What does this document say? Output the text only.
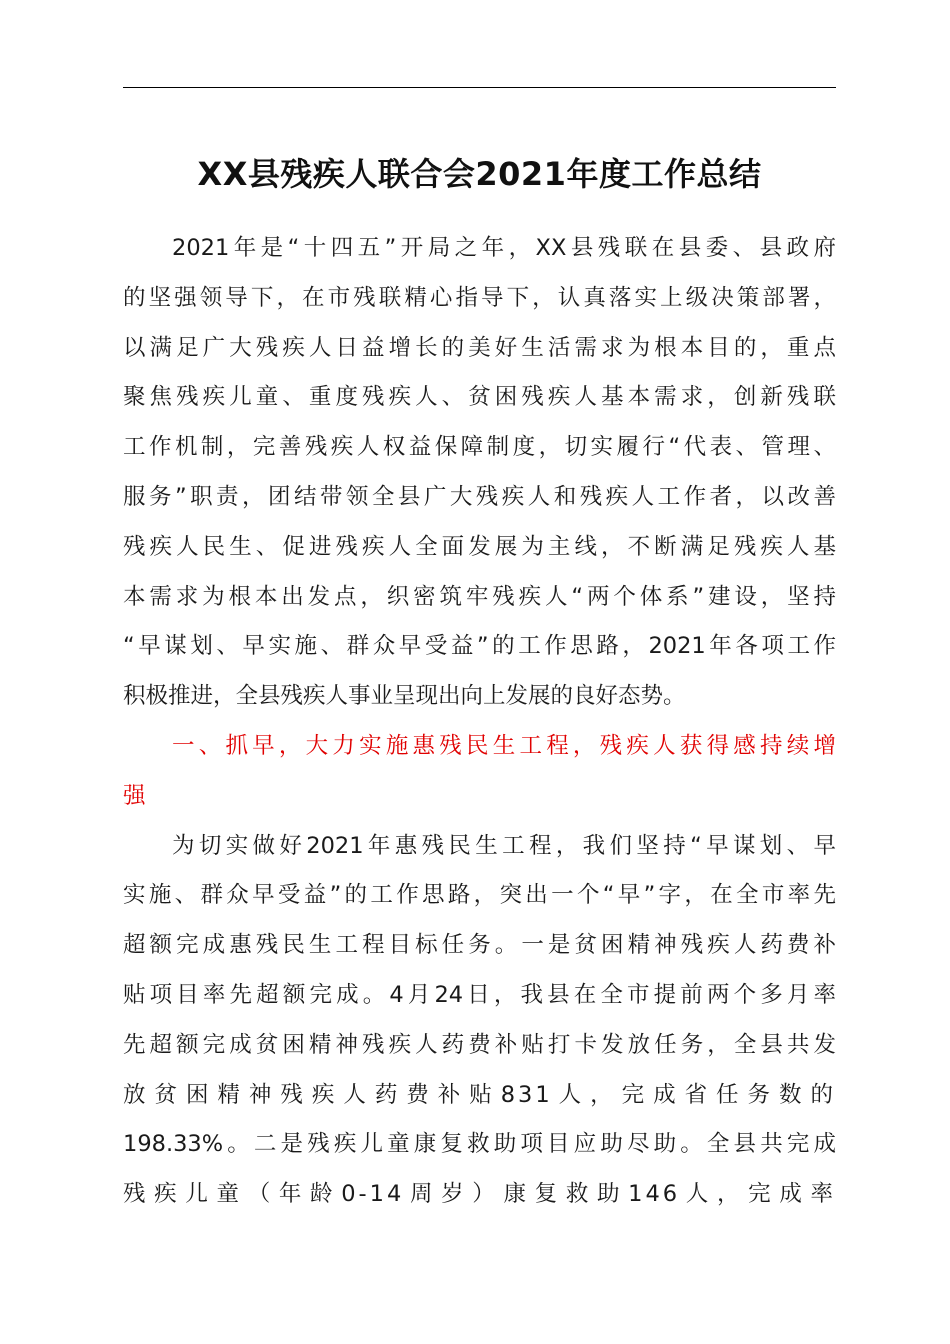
XX县残疾人联合会2021年度工作总结
2021年是“十四五”开局之年，XX县残联在县委、县政府
的坚强领导下，在市残联精心指导下，认真落实上级决策部署，
以满足广大残疾人日益增长的美好生活需求为根本目的，重点
聚焦残疾儿童、重度残疾人、贫困残疾人基本需求，创新残联
工作机制，完善残疾人权益保障制度，切实履行“代表、管理、
服务”职责，团结带领全县广大残疾人和残疾人工作者，以改善
残疾人民生、促进残疾人全面发展为主线，不断满足残疾人基
本需求为根本出发点，织密筑牢残疾人“两个体系”建设，坚持
“早谋划、早实施、群众早受益”的工作思路，2021年各项工作
积极推进，全县残疾人事业呈现出向上发展的良好态势。
一、抓早，大力实施惠残民生工程，残疾人获得感持续增
强
为切实做好2021年惠残民生工程，我们坚持“早谋划、早
实施、群众早受益”的工作思路，突出一个“早”字，在全市率先
超额完成惠残民生工程目标任务。一是贫困精神残疾人药费补
贴项目率先超额完成。4月24日，我县在全市提前两个多月率
先超额完成贫困精神残疾人药费补贴打卡发放任务，全县共发
放贫困精神残疾人药费补贴831人，完成省任务数的
198.33%。二是残疾儿童康复救助项目应助尽助。全县共完成
残疾儿童（年龄0-14周岁）康复救助146人，完成率
